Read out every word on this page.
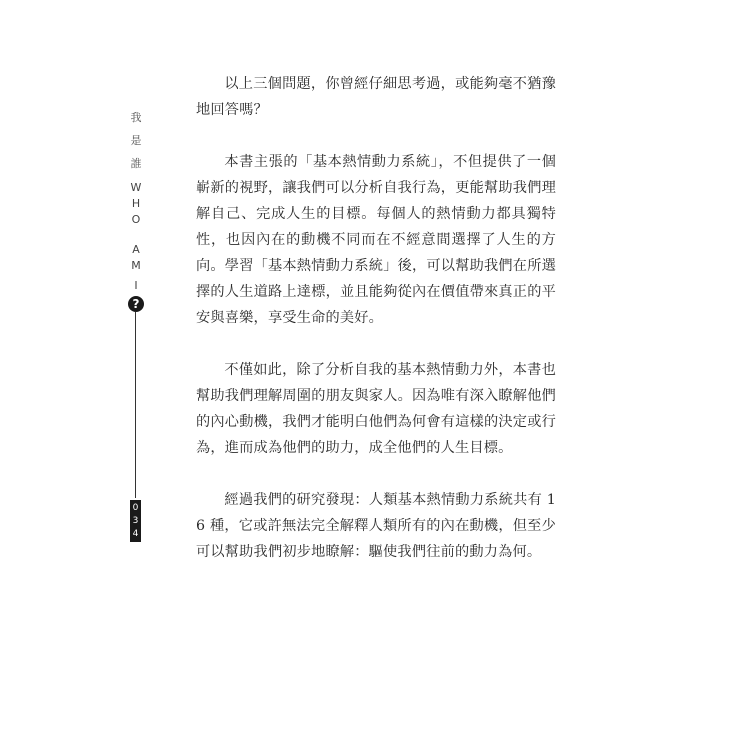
我
是
誰
W
H
O
A
M
I
?
0
3
4

以上三個問題，你曾經仔細思考過，或能夠毫不猶豫地回答嗎？

本書主張的「基本熱情動力系統」，不但提供了一個嶄新的視野，讓我們可以分析自我行為，更能幫助我們理解自己、完成人生的目標。每個人的熱情動力都具獨特性，也因內在的動機不同而在不經意間選擇了人生的方向。學習「基本熱情動力系統」後，可以幫助我們在所選擇的人生道路上達標，並且能夠從內在價值帶來真正的平安與喜樂，享受生命的美好。

不僅如此，除了分析自我的基本熱情動力外，本書也幫助我們理解周圍的朋友與家人。因為唯有深入瞭解他們的內心動機，我們才能明白他們為何會有這樣的決定或行為，進而成為他們的助力，成全他們的人生目標。

經過我們的研究發現：人類基本熱情動力系統共有 16 種，它或許無法完全解釋人類所有的內在動機，但至少可以幫助我們初步地瞭解：驅使我們往前的動力為何。
